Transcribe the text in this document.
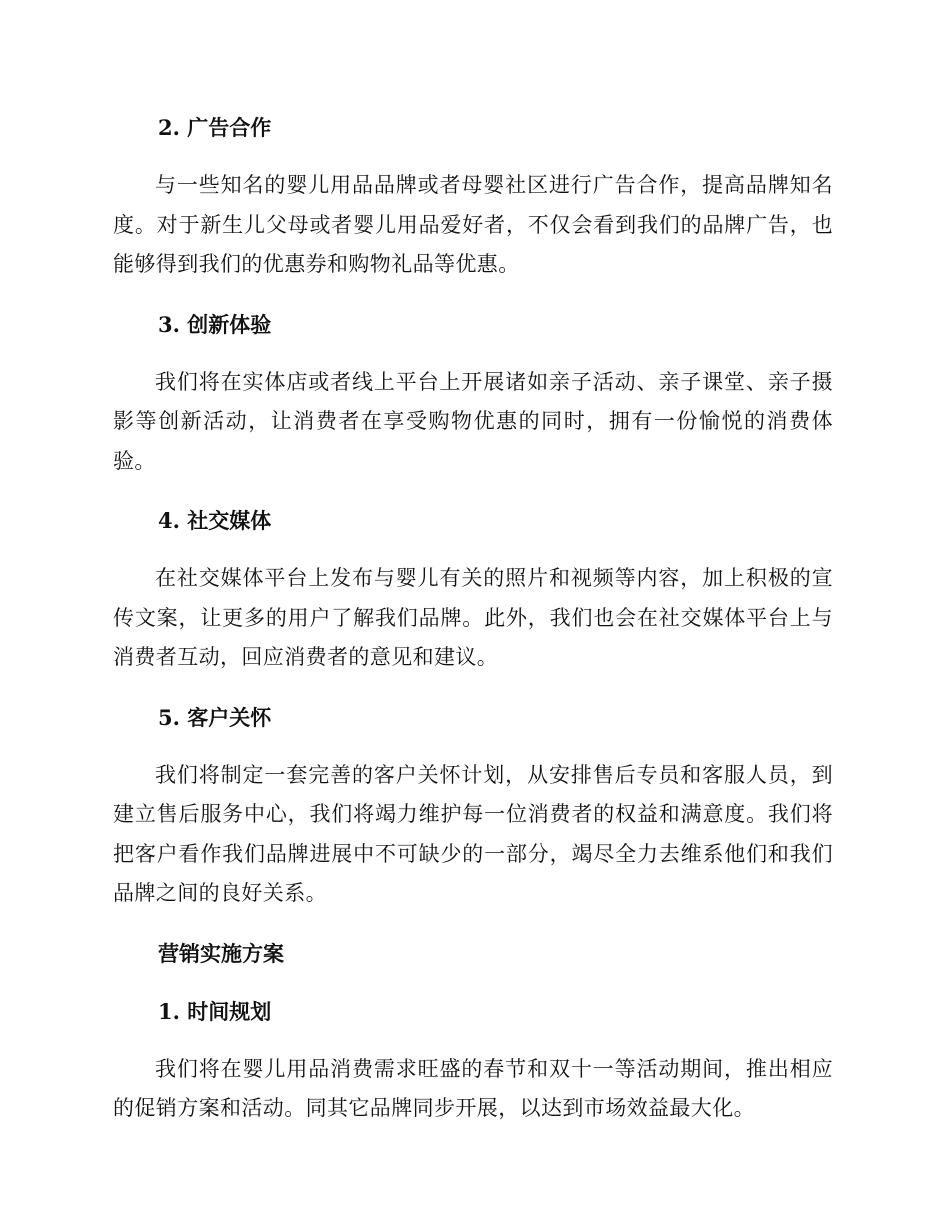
2. 广告合作

与一些知名的婴儿用品品牌或者母婴社区进行广告合作，提高品牌知名度。对于新生儿父母或者婴儿用品爱好者，不仅会看到我们的品牌广告，也能够得到我们的优惠券和购物礼品等优惠。

3. 创新体验

我们将在实体店或者线上平台上开展诸如亲子活动、亲子课堂、亲子摄影等创新活动，让消费者在享受购物优惠的同时，拥有一份愉悦的消费体验。

4. 社交媒体

在社交媒体平台上发布与婴儿有关的照片和视频等内容，加上积极的宣传文案，让更多的用户了解我们品牌。此外，我们也会在社交媒体平台上与消费者互动，回应消费者的意见和建议。

5. 客户关怀

我们将制定一套完善的客户关怀计划，从安排售后专员和客服人员，到建立售后服务中心，我们将竭力维护每一位消费者的权益和满意度。我们将把客户看作我们品牌进展中不可缺少的一部分，竭尽全力去维系他们和我们品牌之间的良好关系。

营销实施方案
1. 时间规划

我们将在婴儿用品消费需求旺盛的春节和双十一等活动期间，推出相应的促销方案和活动。同其它品牌同步开展，以达到市场效益最大化。
